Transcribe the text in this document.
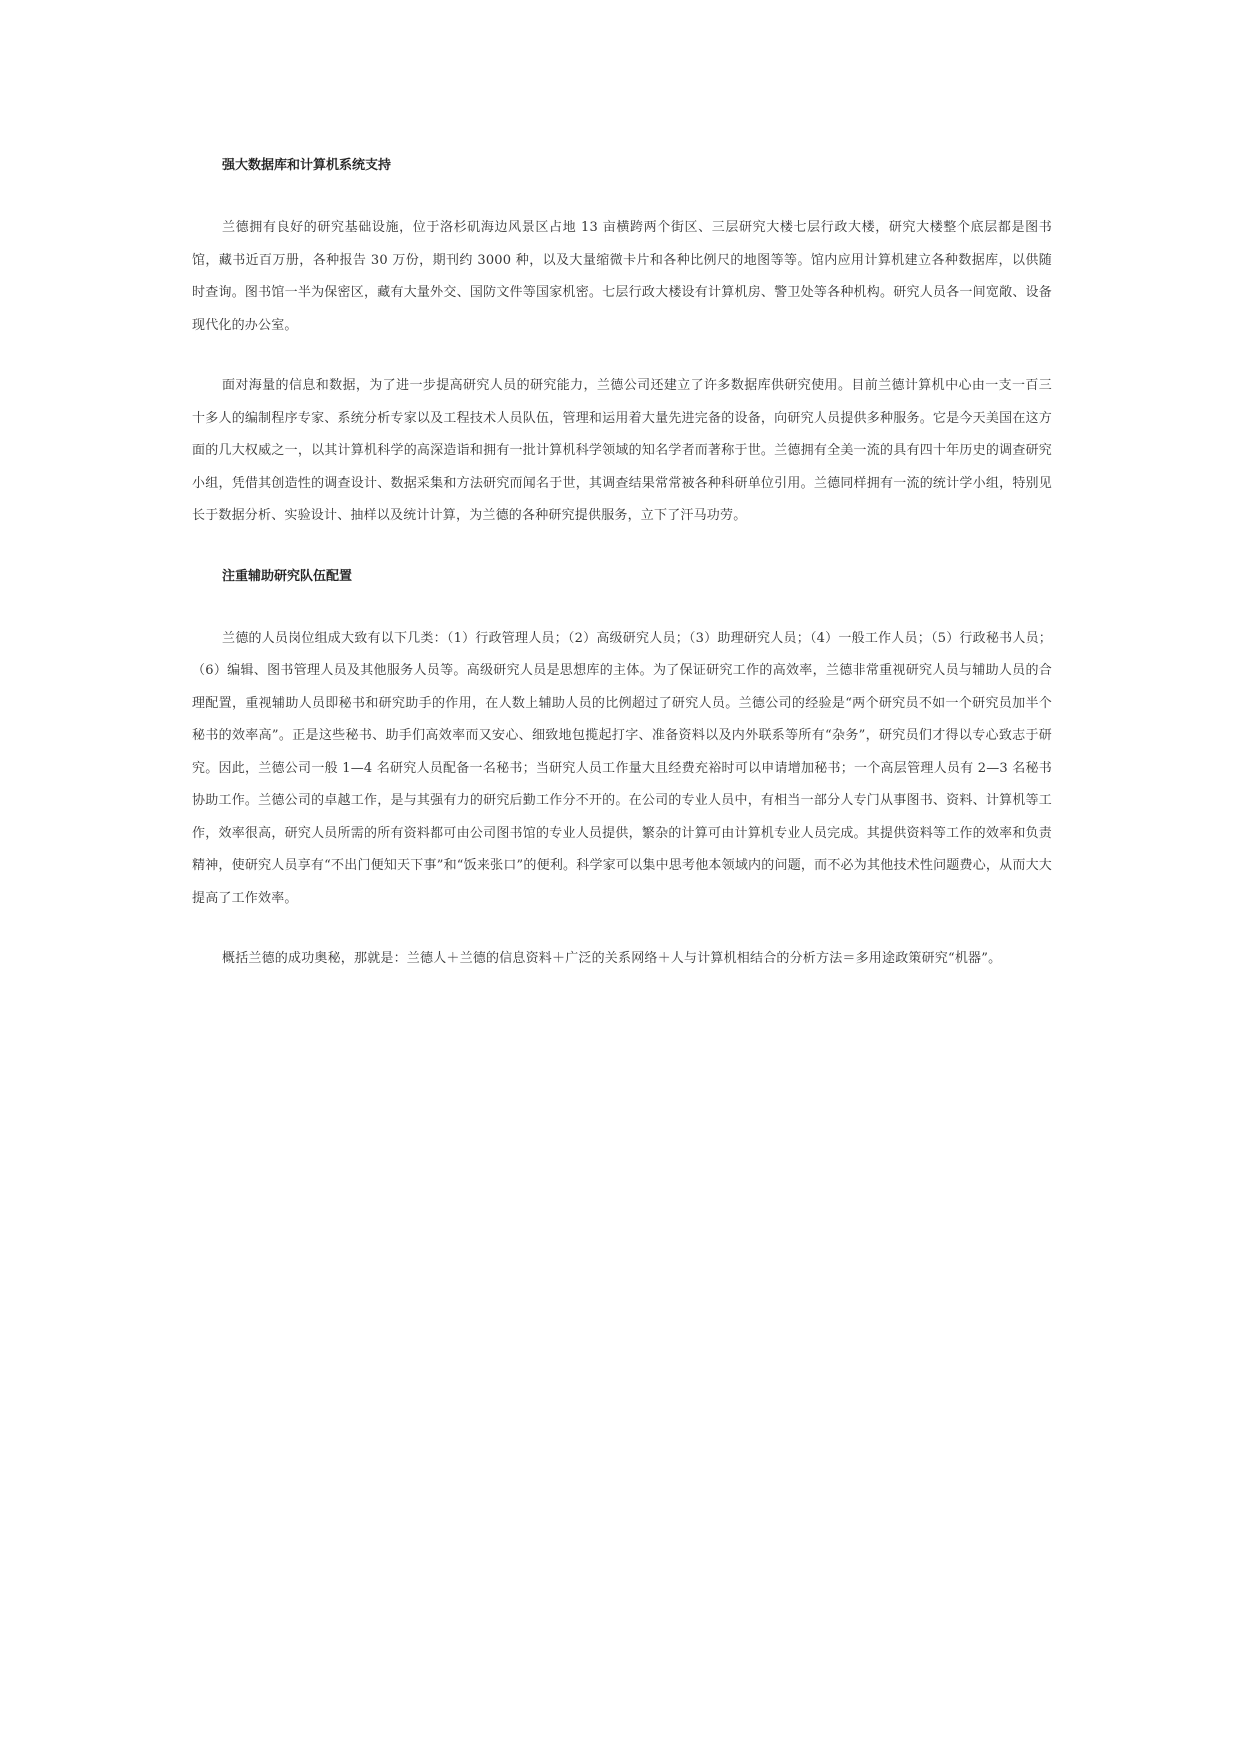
强大数据库和计算机系统支持

兰德拥有良好的研究基础设施，位于洛杉矶海边风景区占地 13 亩横跨两个街区、三层研究大楼七层行政大楼，研究大楼整个底层都是图书馆，藏书近百万册，各种报告 30 万份，期刊约 3000 种，以及大量缩微卡片和各种比例尺的地图等等。馆内应用计算机建立各种数据库，以供随时查询。图书馆一半为保密区，藏有大量外交、国防文件等国家机密。七层行政大楼设有计算机房、警卫处等各种机构。研究人员各一间宽敞、设备现代化的办公室。

面对海量的信息和数据，为了进一步提高研究人员的研究能力，兰德公司还建立了许多数据库供研究使用。目前兰德计算机中心由一支一百三十多人的编制程序专家、系统分析专家以及工程技术人员队伍，管理和运用着大量先进完备的设备，向研究人员提供多种服务。它是今天美国在这方面的几大权威之一，以其计算机科学的高深造诣和拥有一批计算机科学领域的知名学者而著称于世。兰德拥有全美一流的具有四十年历史的调查研究小组，凭借其创造性的调查设计、数据采集和方法研究而闻名于世，其调查结果常常被各种科研单位引用。兰德同样拥有一流的统计学小组，特别见长于数据分析、实验设计、抽样以及统计计算，为兰德的各种研究提供服务，立下了汗马功劳。

注重辅助研究队伍配置

兰德的人员岗位组成大致有以下几类：（1）行政管理人员；（2）高级研究人员；（3）助理研究人员；（4）一般工作人员；（5）行政秘书人员；（6）编辑、图书管理人员及其他服务人员等。高级研究人员是思想库的主体。为了保证研究工作的高效率，兰德非常重视研究人员与辅助人员的合理配置，重视辅助人员即秘书和研究助手的作用，在人数上辅助人员的比例超过了研究人员。兰德公司的经验是“两个研究员不如一个研究员加半个秘书的效率高”。正是这些秘书、助手们高效率而又安心、细致地包揽起打字、准备资料以及内外联系等所有“杂务”，研究员们才得以专心致志于研究。因此，兰德公司一般 1—4 名研究人员配备一名秘书；当研究人员工作量大且经费充裕时可以申请增加秘书；一个高层管理人员有 2—3 名秘书协助工作。兰德公司的卓越工作，是与其强有力的研究后勤工作分不开的。在公司的专业人员中，有相当一部分人专门从事图书、资料、计算机等工作，效率很高，研究人员所需的所有资料都可由公司图书馆的专业人员提供，繁杂的计算可由计算机专业人员完成。其提供资料等工作的效率和负责精神，使研究人员享有“不出门便知天下事”和“饭来张口”的便利。科学家可以集中思考他本领域内的问题，而不必为其他技术性问题费心，从而大大提高了工作效率。

概括兰德的成功奥秘，那就是：兰德人＋兰德的信息资料＋广泛的关系网络＋人与计算机相结合的分析方法＝多用途政策研究“机器”。
